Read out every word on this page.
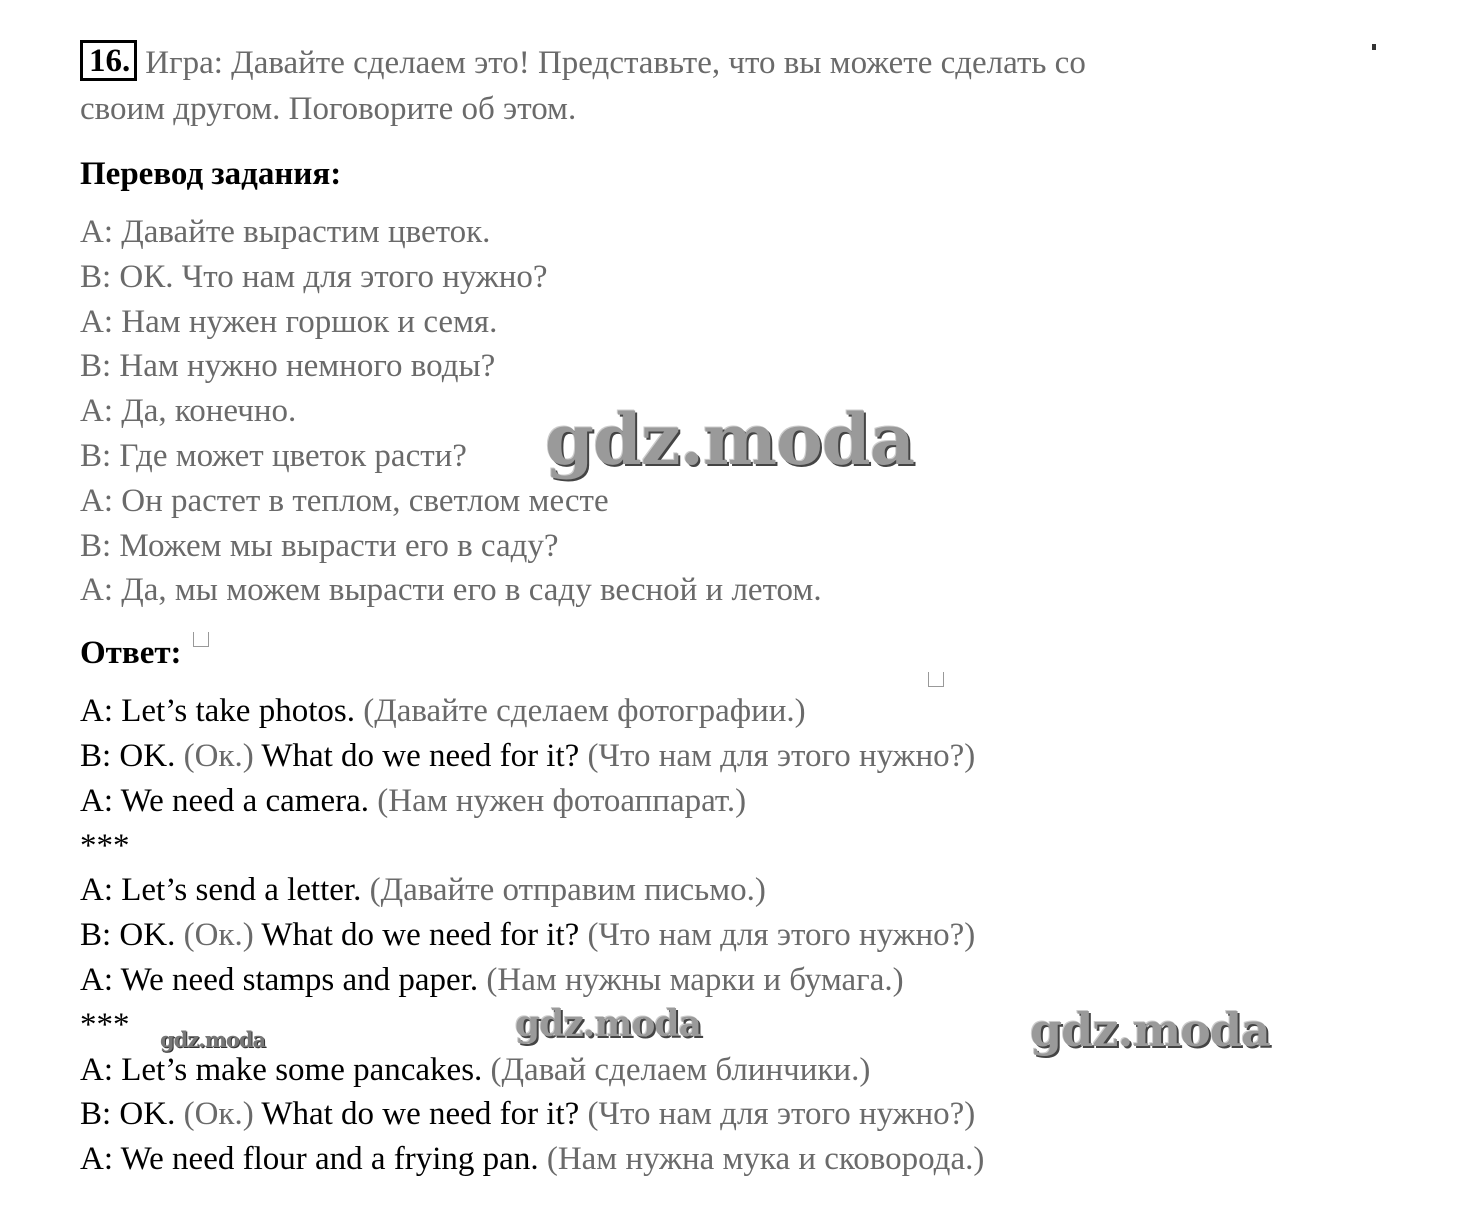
16. Игра: Давайте сделаем это! Представьте, что вы можете сделать со
своим другом. Поговорите об этом.
Перевод задания:
A: Давайте вырастим цветок.
B: ОК. Что нам для этого нужно?
A: Нам нужен горшок и семя.
B: Нам нужно немного воды?
A: Да, конечно.
B: Где может цветок расти?
A: Он растет в теплом, светлом месте
B: Можем мы вырасти его в саду?
A: Да, мы можем вырасти его в саду весной и летом.
Ответ:
A: Let’s take photos. (Давайте сделаем фотографии.)
B: OK. (Ок.) What do we need for it? (Что нам для этого нужно?)
A: We need a camera. (Нам нужен фотоаппарат.)
***
A: Let’s send a letter. (Давайте отправим письмо.)
B: OK. (Ок.) What do we need for it? (Что нам для этого нужно?)
A: We need stamps and paper. (Нам нужны марки и бумага.)
***
A: Let’s make some pancakes. (Давай сделаем блинчики.)
B: OK. (Ок.) What do we need for it? (Что нам для этого нужно?)
A: We need flour and a frying pan. (Нам нужна мука и сковорода.)
gdz.moda
gdz.moda	gdz.moda
gdz.moda
